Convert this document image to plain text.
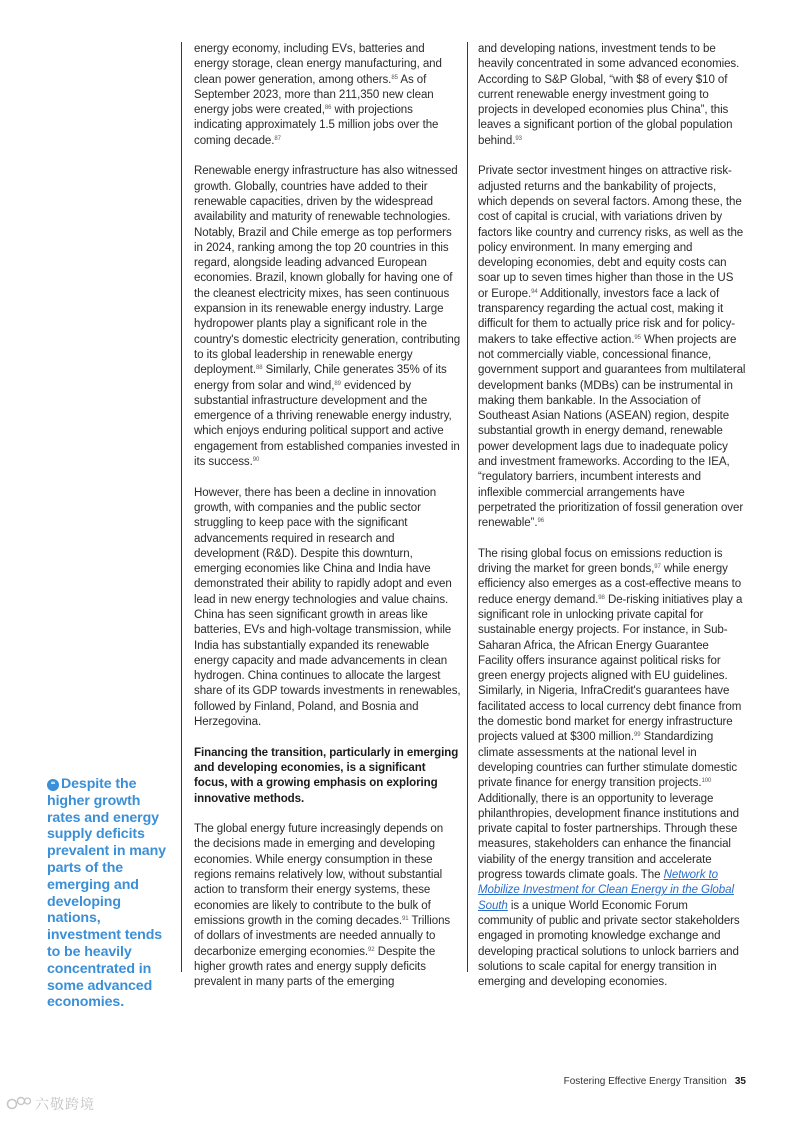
❝ Despite the higher growth rates and energy supply deficits prevalent in many parts of the emerging and developing nations, investment tends to be heavily concentrated in some advanced economies.

energy economy, including EVs, batteries and energy storage, clean energy manufacturing, and clean power generation, among others.$^{85}$ As of September 2023, more than 211,350 new clean energy jobs were created,$^{86}$ with projections indicating approximately 1.5 million jobs over the coming decade.$^{87}$

Renewable energy infrastructure has also witnessed growth. Globally, countries have added to their renewable capacities, driven by the widespread availability and maturity of renewable technologies. Notably, Brazil and Chile emerge as top performers in 2024, ranking among the top 20 countries in this regard, alongside leading advanced European economies. Brazil, known globally for having one of the cleanest electricity mixes, has seen continuous expansion in its renewable energy industry. Large hydropower plants play a significant role in the country's domestic electricity generation, contributing to its global leadership in renewable energy deployment.$^{88}$ Similarly, Chile generates 35% of its energy from solar and wind,$^{89}$ evidenced by substantial infrastructure development and the emergence of a thriving renewable energy industry, which enjoys enduring political support and active engagement from established companies invested in its success.$^{90}$

However, there has been a decline in innovation growth, with companies and the public sector struggling to keep pace with the significant advancements required in research and development (R&D). Despite this downturn, emerging economies like China and India have demonstrated their ability to rapidly adopt and even lead in new energy technologies and value chains. China has seen significant growth in areas like batteries, EVs and high-voltage transmission, while India has substantially expanded its renewable energy capacity and made advancements in clean hydrogen. China continues to allocate the largest share of its GDP towards investments in renewables, followed by Finland, Poland, and Bosnia and Herzegovina.

Financing the transition, particularly in emerging and developing economies, is a significant focus, with a growing emphasis on exploring innovative methods.

The global energy future increasingly depends on the decisions made in emerging and developing economies. While energy consumption in these regions remains relatively low, without substantial action to transform their energy systems, these economies are likely to contribute to the bulk of emissions growth in the coming decades.$^{91}$ Trillions of dollars of investments are needed annually to decarbonize emerging economies.$^{92}$ Despite the higher growth rates and energy supply deficits prevalent in many parts of the emerging

and developing nations, investment tends to be heavily concentrated in some advanced economies. According to S&P Global, “with $8 of every $10 of current renewable energy investment going to projects in developed economies plus China”, this leaves a significant portion of the global population behind.$^{93}$

Private sector investment hinges on attractive risk-adjusted returns and the bankability of projects, which depends on several factors. Among these, the cost of capital is crucial, with variations driven by factors like country and currency risks, as well as the policy environment. In many emerging and developing economies, debt and equity costs can soar up to seven times higher than those in the US or Europe.$^{94}$ Additionally, investors face a lack of transparency regarding the actual cost, making it difficult for them to actually price risk and for policy-makers to take effective action.$^{95}$ When projects are not commercially viable, concessional finance, government support and guarantees from multilateral development banks (MDBs) can be instrumental in making them bankable. In the Association of Southeast Asian Nations (ASEAN) region, despite substantial growth in energy demand, renewable power development lags due to inadequate policy and investment frameworks. According to the IEA, “regulatory barriers, incumbent interests and inflexible commercial arrangements have perpetrated the prioritization of fossil generation over renewable”.$^{96}$

The rising global focus on emissions reduction is driving the market for green bonds,$^{97}$ while energy efficiency also emerges as a cost-effective means to reduce energy demand.$^{98}$ De-risking initiatives play a significant role in unlocking private capital for sustainable energy projects. For instance, in Sub-Saharan Africa, the African Energy Guarantee Facility offers insurance against political risks for green energy projects aligned with EU guidelines. Similarly, in Nigeria, InfraCredit's guarantees have facilitated access to local currency debt finance from the domestic bond market for energy infrastructure projects valued at $300 million.$^{99}$ Standardizing climate assessments at the national level in developing countries can further stimulate domestic private finance for energy transition projects.$^{100}$ Additionally, there is an opportunity to leverage philanthropies, development finance institutions and private capital to foster partnerships. Through these measures, stakeholders can enhance the financial viability of the energy transition and accelerate progress towards climate goals. The Network to Mobilize Investment for Clean Energy in the Global South is a unique World Economic Forum community of public and private sector stakeholders engaged in promoting knowledge exchange and developing practical solutions to unlock barriers and solutions to scale capital for energy transition in emerging and developing economies.

Fostering Effective Energy Transition 35
六敬跨境
